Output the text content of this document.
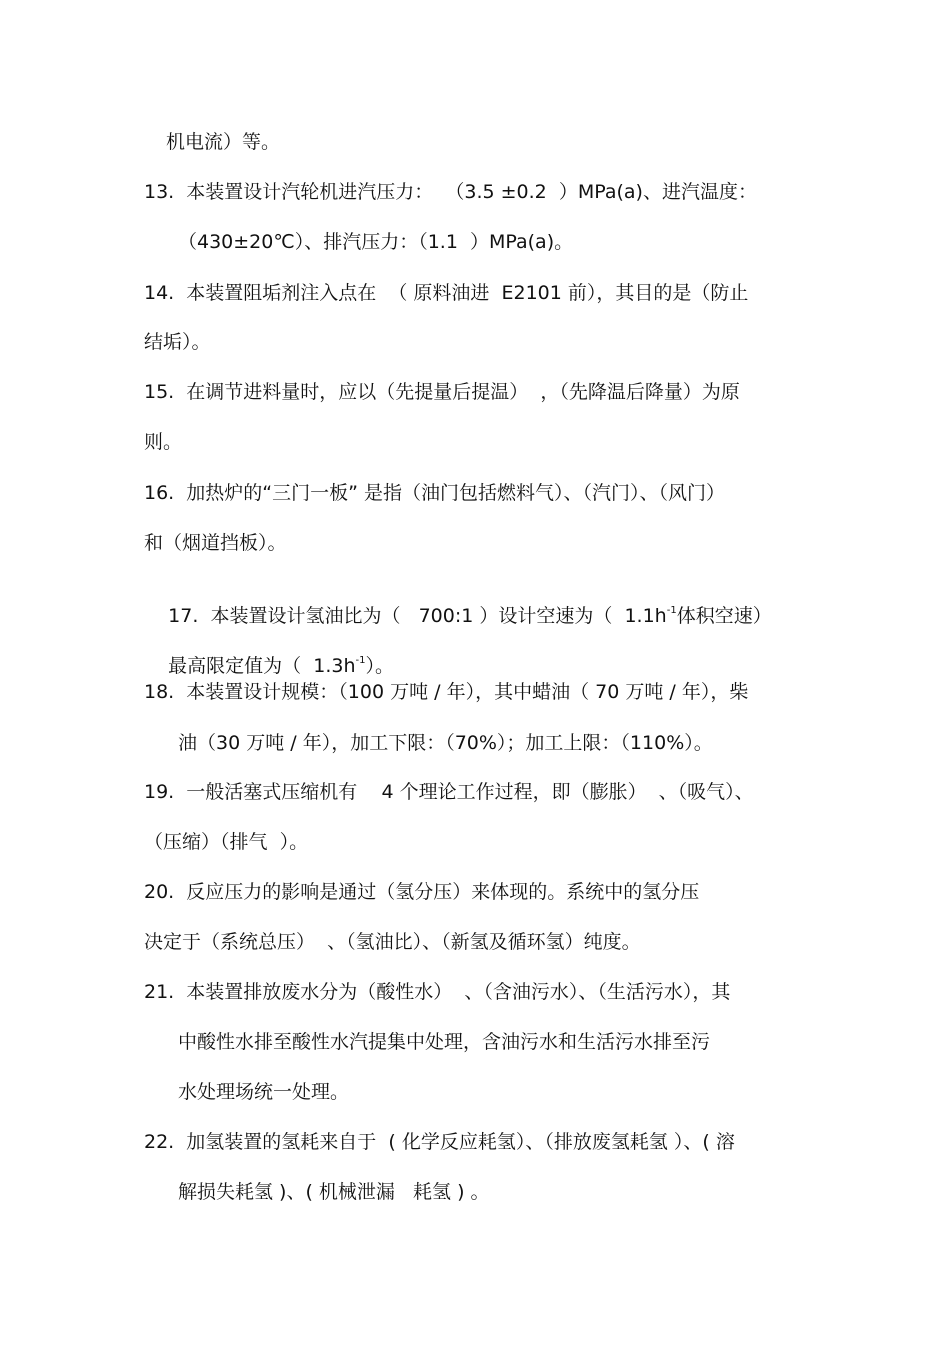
机电流）等。
13.  本装置设计汽轮机进汽压力：  （3.5 ±0.2  ）MPa(a)、进汽温度：
（430±20℃）、排汽压力：（1.1  ）MPa(a)。
14.  本装置阻垢剂注入点在  （ 原料油进  E2101 前），其目的是（防止
结垢）。
15.  在调节进料量时，应以（先提量后提温）  ，（先降温后降量）为原
则。
16.  加热炉的“三门一板” 是指（油门包括燃料气）、（汽门）、（风门）
和（烟道挡板）。

17.  本装置设计氢油比为（   700:1 ）设计空速为（  $1.1h^{-1}$体积空速）

最高限定值为（  $1.3h^{-1}$）。

18.  本装置设计规模：（100 万吨 / 年），其中蜡油（ 70 万吨 / 年），柴
油（30 万吨 / 年），加工下限：（70%）；加工上限：（110%）。
19.  一般活塞式压缩机有    4 个理论工作过程，即（膨胀）  、（吸气）、
（压缩）（排气  ）。
20.  反应压力的影响是通过（氢分压）来体现的。系统中的氢分压
决定于（系统总压）  、（氢油比）、（新氢及循环氢）纯度。
21.  本装置排放废水分为（酸性水）  、（含油污水）、（生活污水），其
中酸性水排至酸性水汽提集中处理，含油污水和生活污水排至污
水处理场统一处理。
22.  加氢装置的氢耗来自于  ( 化学反应耗氢）、（排放废氢耗氢 ）、( 溶
解损失耗氢 )、( 机械泄漏   耗氢 ) 。
